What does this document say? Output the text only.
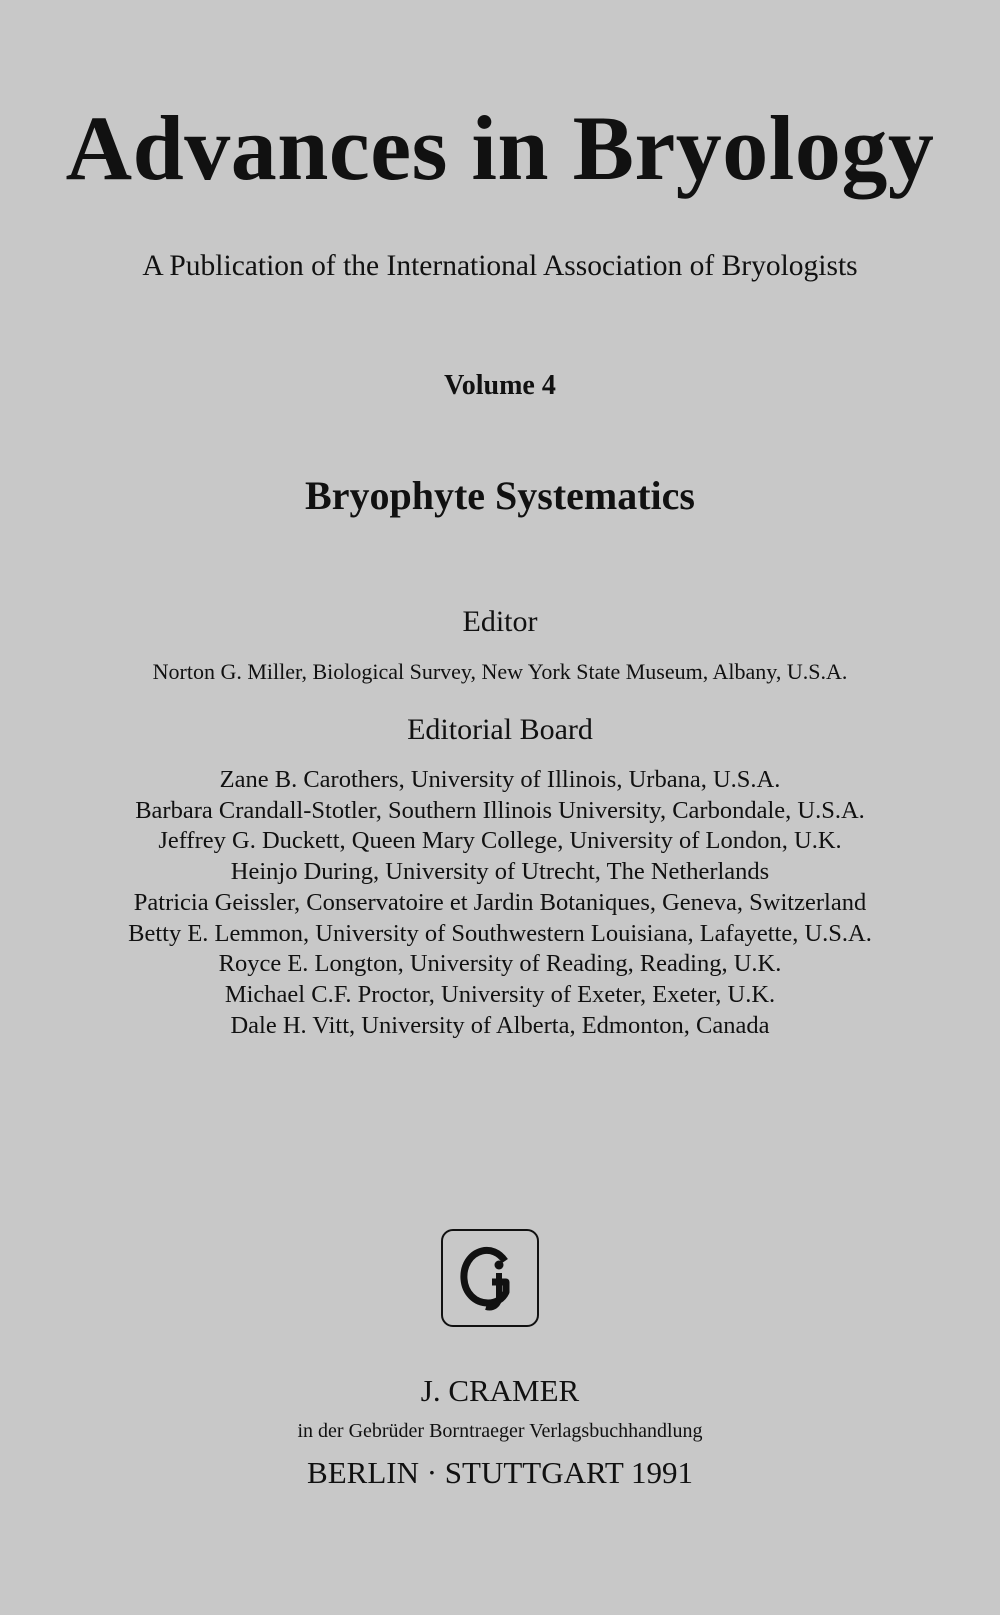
Advances in Bryology
A Publication of the International Association of Bryologists
Volume 4
Bryophyte Systematics
Editor
Norton G. Miller, Biological Survey, New York State Museum, Albany, U.S.A.
Editorial Board
Zane B. Carothers, University of Illinois, Urbana, U.S.A.
Barbara Crandall-Stotler, Southern Illinois University, Carbondale, U.S.A.
Jeffrey G. Duckett, Queen Mary College, University of London, U.K.
Heinjo During, University of Utrecht, The Netherlands
Patricia Geissler, Conservatoire et Jardin Botaniques, Geneva, Switzerland
Betty E. Lemmon, University of Southwestern Louisiana, Lafayette, U.S.A.
Royce E. Longton, University of Reading, Reading, U.K.
Michael C.F. Proctor, University of Exeter, Exeter, U.K.
Dale H. Vitt, University of Alberta, Edmonton, Canada
J. CRAMER
in der Gebrüder Borntraeger Verlagsbuchhandlung
BERLIN · STUTTGART 1991
